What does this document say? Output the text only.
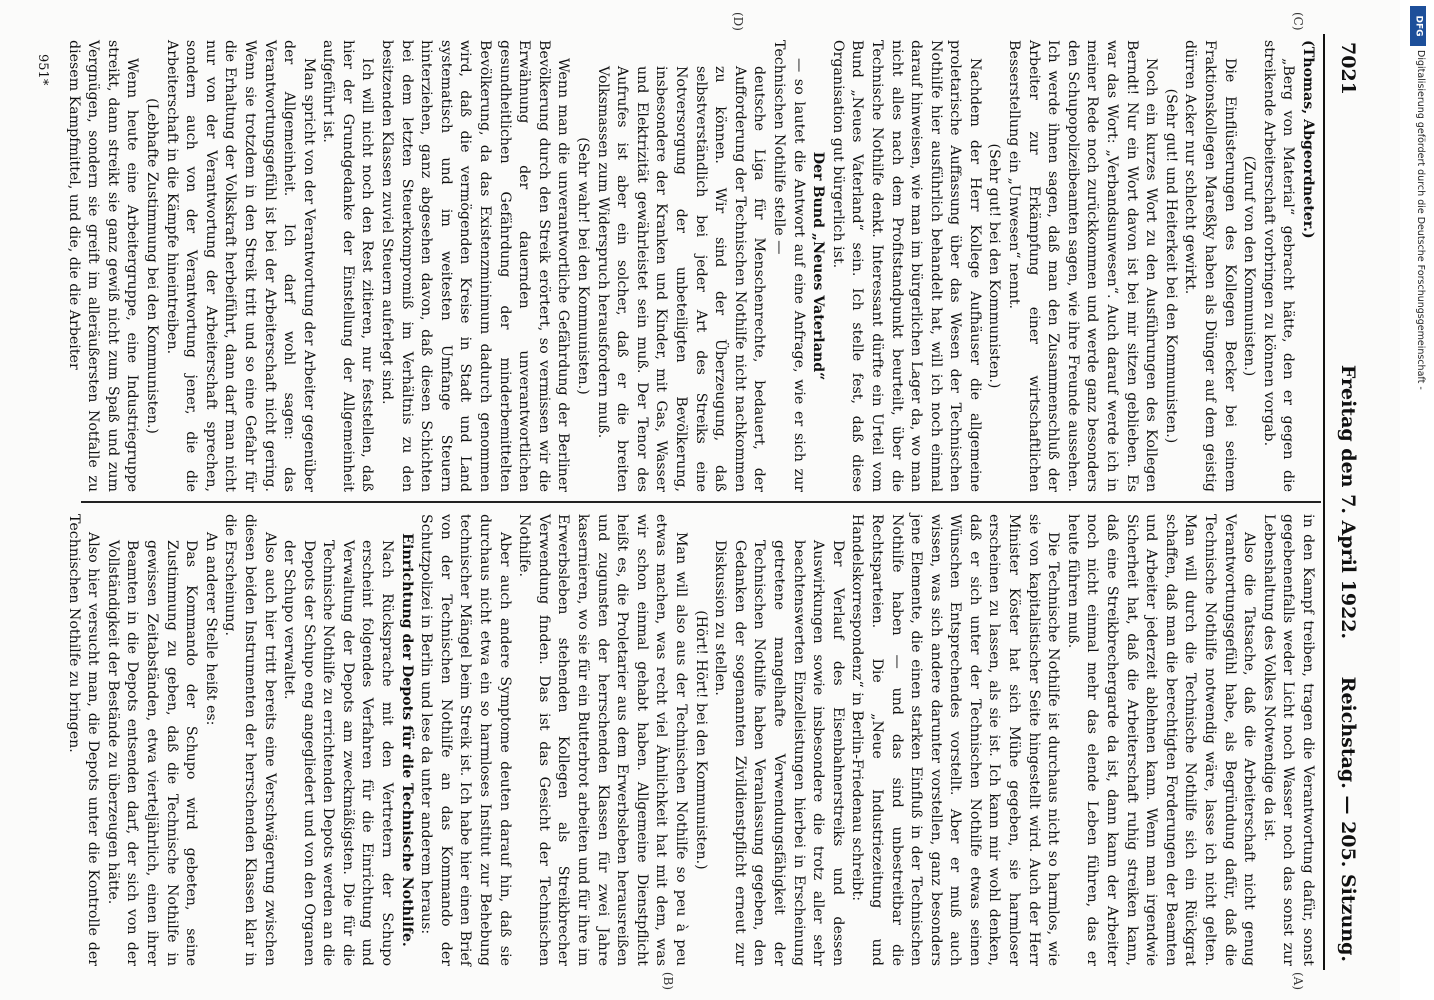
Reichstag. — 205. Sitzung.
Freitag den 7. April 1922.
7021

(Thomas, Abgeordneter.)

„Berg von Material“ gebracht hätte, den er gegen die streikende Arbeiterschaft vorbringen zu können vorgab.

(Zuruf von den Kommunisten.)

Die Einflüsterungen des Kollegen Becker bei seinem Fraktionskollegen Mareßky haben als Dünger auf dem geistig dürren Acker nur schlecht gewirkt.

(Sehr gut! und Heiterkeit bei den Kommunisten.)

Noch ein kurzes Wort zu den Ausführungen des Kollegen Berndt! Nur ein Wort davon ist bei mir sitzen geblieben. Es war das Wort: „Verbandsunwesen“. Auch darauf werde ich in meiner Rede noch zurückkommen und werde ganz besonders den Schupopolizeibeamten sagen, wie ihre Freunde aussehen. Ich werde ihnen sagen, daß man den Zusammenschluß der Arbeiter zur Erkämpfung einer wirtschaftlichen Besserstellung ein „Unwesen“ nennt.

(Sehr gut! bei den Kommunisten.)

Nachdem der Herr Kollege Aufhäuser die allgemeine proletarische Auffassung über das Wesen der Technischen Nothilfe hier ausführlich behandelt hat, will ich noch einmal darauf hinweisen, wie man im bürgerlichen Lager da, wo man nicht alles nach dem Profitstandpunkt beurteilt, über die Technische Nothilfe denkt. Interessant dürfte ein Urteil vom Bund „Neues Vaterland“ sein. Ich stelle fest, daß diese Organisation gut bürgerlich ist.

Der Bund „Neues Vaterland“

— so lautet die Antwort auf eine Anfrage, wie er sich zur Technischen Nothilfe stelle —

deutsche Liga für Menschenrechte, bedauert, der Aufforderung der Technischen Nothilfe nicht nachkommen zu können. Wir sind der Überzeugung, daß selbstverständlich bei jeder Art des Streiks eine Notversorgung der unbeteiligten Bevölkerung, insbesondere der Kranken und Kinder, mit Gas, Wasser und Elektrizität gewährleistet sein muß. Der Tenor des Aufrufes ist aber ein solcher, daß er die breiten Volksmassen zum Widerspruch herausfordern muß.

(Sehr wahr! bei den Kommunisten.)

Wenn man die unverantwortliche Gefährdung der Berliner Bevölkerung durch den Streik erörtert, so vermissen wir die Erwähnung der dauernden unverantwortlichen gesundheitlichen Gefährdung der minderbemittelten Bevölkerung, da das Existenzminimum dadurch genommen wird, daß die vermögenden Kreise in Stadt und Land systematisch und im weitesten Umfange Steuern hinterziehen, ganz abgesehen davon, daß diesen Schichten bei dem letzten Steuerkompromiß im Verhältnis zu den besitzenden Klassen zuviel Steuern auferlegt sind.

Ich will nicht noch den Rest zitieren, nur feststellen, daß hier der Grundgedanke der Einstellung der Allgemeinheit aufgeführt ist.

Man spricht von der Verantwortung der Arbeiter gegenüber der Allgemeinheit. Ich darf wohl sagen: das Verantwortungsgefühl ist bei der Arbeiterschaft nicht gering. Wenn sie trotzdem in den Streik tritt und so eine Gefahr für die Erhaltung der Volkskraft herbeiführt, dann darf man nicht nur von der Verantwortung der Arbeiterschaft sprechen, sondern auch von der Verantwortung jener, die die Arbeiterschaft in die Kämpfe hineintreiben.

(Lebhafte Zustimmung bei den Kommunisten.)

Wenn heute eine Arbeitergruppe, eine Industriegruppe streikt, dann streikt sie ganz gewiß nicht zum Spaß und zum Vergnügen, sondern sie greift im alleräußersten Notfalle zu diesem Kampfmittel, und die, die die Arbeiter

in den Kampf treiben, tragen die Verantwortung dafür, sonst gegebenenfalls weder Licht noch Wasser noch das sonst zur Lebenshaltung des Volkes Notwendige da ist.

Also die Tatsache, daß die Arbeiterschaft nicht genug Verantwortungsgefühl habe, als Begründung dafür, daß die Technische Nothilfe notwendig wäre, lasse ich nicht gelten. Man will durch die Technische Nothilfe sich ein Rückgrat schaffen, daß man die berechtigten Forderungen der Beamten und Arbeiter jederzeit ablehnen kann. Wenn man irgendwie Sicherheit hat, daß die Arbeiterschaft ruhig streiken kann, daß eine Streikbrechergarde da ist, dann kann der Arbeiter noch nicht einmal mehr das elende Leben führen, das er heute führen muß.

Die Technische Nothilfe ist durchaus nicht so harmlos, wie sie von kapitalistischer Seite hingestellt wird. Auch der Herr Minister Köster hat sich Mühe gegeben, sie harmloser erscheinen zu lassen, als sie ist. Ich kann mir wohl denken, daß er sich unter der Technischen Nothilfe etwas seinen Wünschen Entsprechendes vorstellt. Aber er muß auch wissen, was sich andere darunter vorstellen, ganz besonders jene Elemente, die einen starken Einfluß in der Technischen Nothilfe haben — und das sind unbestreitbar die Rechtsparteien. Die „Neue Industriezeitung und Handelskorrespondenz“ in Berlin-Friedenau schreibt:

Der Verlauf des Eisenbahnerstreiks und dessen Auswirkungen sowie insbesondere die trotz aller sehr beachtenswerten Einzelleistungen hierbei in Erscheinung getretene mangelhafte Verwendungsfähigkeit der Technischen Nothilfe haben Veranlassung gegeben, den Gedanken der sogenannten Zivildienstpflicht erneut zur Diskussion zu stellen.

(Hört! Hört! bei den Kommunisten.)

Man will also aus der Technischen Nothilfe so peu à peu etwas machen, was recht viel Ähnlichkeit hat mit dem, was wir schon einmal gehabt haben. Allgemeine Dienstpflicht heißt es, die Proletarier aus dem Erwerbsleben herausreißen und zugunsten der herrschenden Klassen für zwei Jahre kasernieren, wo sie für ein Butterbrot arbeiten und für ihre im Erwerbsleben stehenden Kollegen als Streikbrecher Verwendung finden. Das ist das Gesicht der Technischen Nothilfe.

Aber auch andere Symptome deuten darauf hin, daß sie durchaus nicht etwa ein so harmloses Institut zur Behebung technischer Mängel beim Streik ist. Ich habe hier einen Brief von der Technischen Nothilfe an das Kommando der Schutzpolizei in Berlin und lese da unter anderem heraus:

Einrichtung der Depots für die Technische Nothilfe.

Nach Rücksprache mit den Vertretern der Schupo erscheint folgendes Verfahren für die Einrichtung und Verwaltung der Depots am zweckmäßigsten. Die für die Technische Nothilfe zu errichtenden Depots werden an die Depots der Schupo eng angegliedert und von den Organen der Schupo verwaltet.

Also auch hier tritt bereits eine Verschwägerung zwischen diesen beiden Instrumenten der herrschenden Klassen klar in die Erscheinung.

An anderer Stelle heißt es:

Das Kommando der Schupo wird gebeten, seine Zustimmung zu geben, daß die Technische Nothilfe in gewissen Zeitabständen, etwa vierteljährlich, einen ihrer Beamten in die Depots entsenden darf, der sich von der Vollständigkeit der Bestände zu überzeugen hätte.

Also hier versucht man, die Depots unter die Kontrolle der Technischen Nothilfe zu bringen.

(A)
(B)
(C)
(D)
951*
DFG
Digitalisierung gefördert durch die Deutsche Forschungsgemeinschaft -
